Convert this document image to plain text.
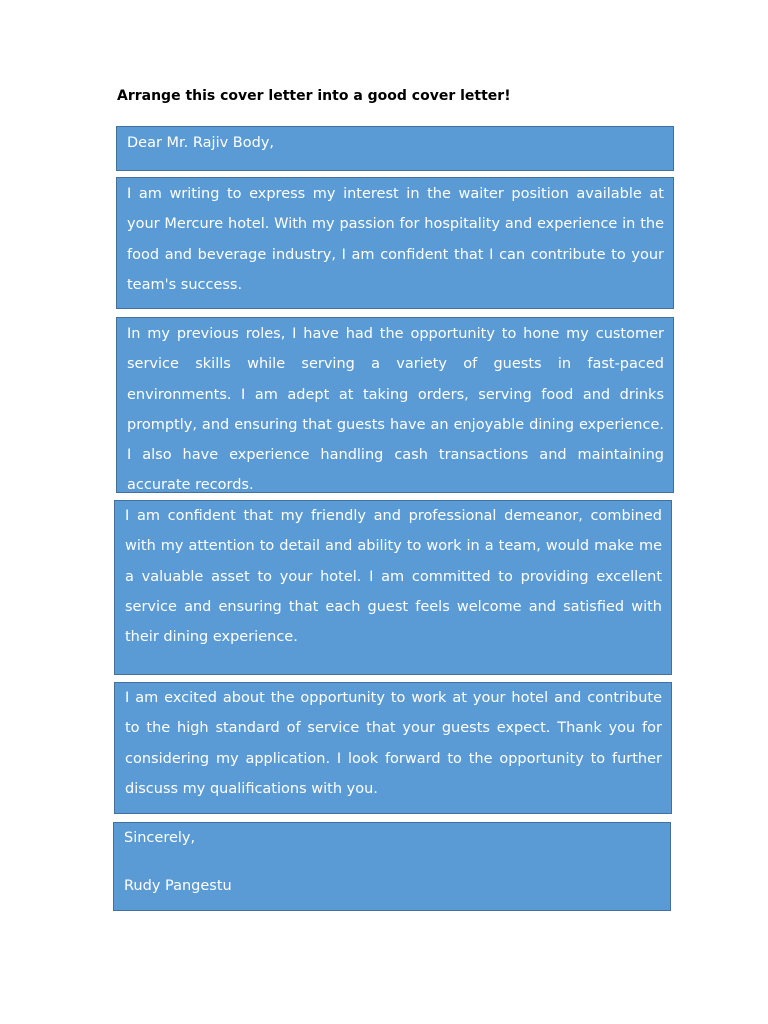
Arrange this cover letter into a good cover letter!

Dear Mr. Rajiv Body,

I am writing to express my interest in the waiter position available at your Mercure hotel. With my passion for hospitality and experience in the food and beverage industry, I am confident that I can contribute to your team's success.

In my previous roles, I have had the opportunity to hone my customer service skills while serving a variety of guests in fast-paced environments. I am adept at taking orders, serving food and drinks promptly, and ensuring that guests have an enjoyable dining experience. I also have experience handling cash transactions and maintaining accurate records.

I am confident that my friendly and professional demeanor, combined with my attention to detail and ability to work in a team, would make me a valuable asset to your hotel. I am committed to providing excellent service and ensuring that each guest feels welcome and satisfied with their dining experience.

I am excited about the opportunity to work at your hotel and contribute to the high standard of service that your guests expect. Thank you for considering my application. I look forward to the opportunity to further discuss my qualifications with you.

Sincerely,

Rudy Pangestu
